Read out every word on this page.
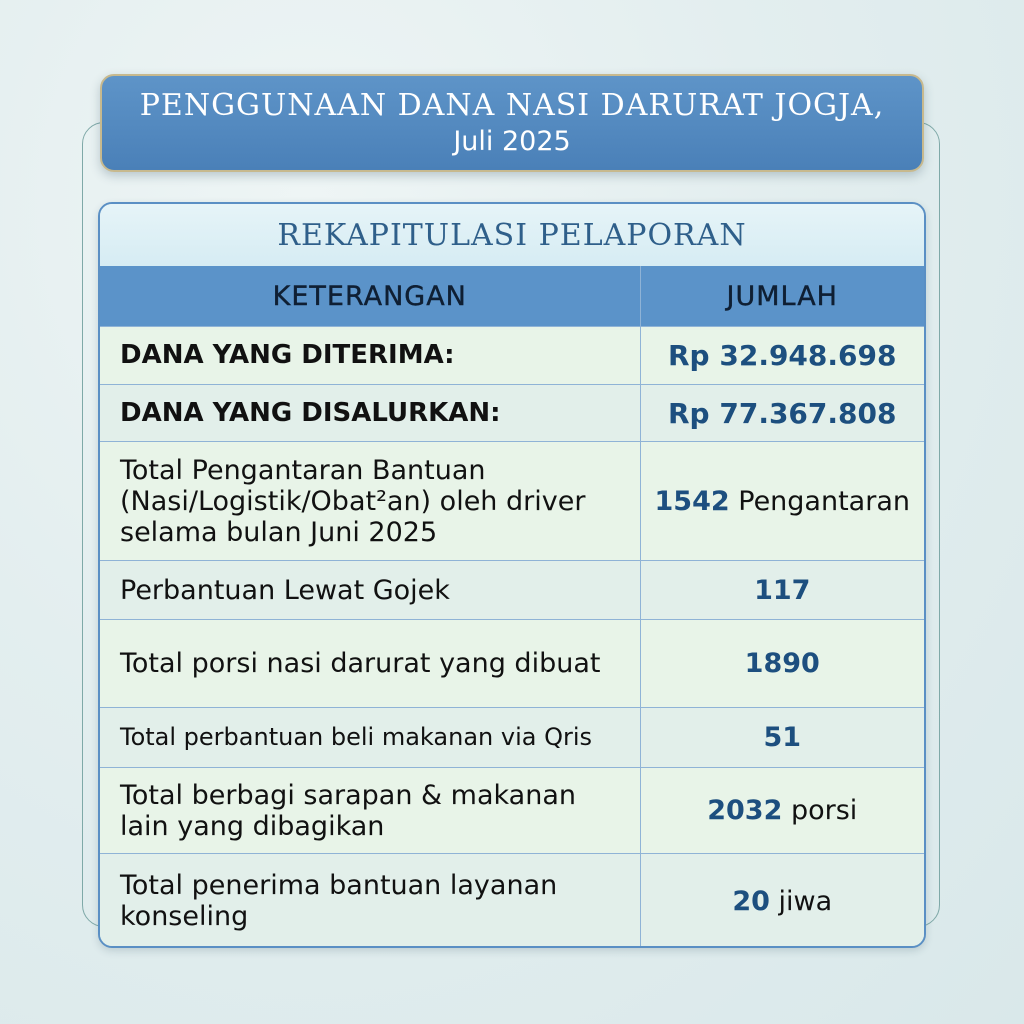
PENGGUNAAN DANA NASI DARURAT JOGJA,
Juli 2025
REKAPITULASI PELAPORAN
KETERANGAN	JUMLAH
DANA YANG DITERIMA:	Rp 32.948.698
DANA YANG DISALURKAN:	Rp 77.367.808
Total Pengantaran Bantuan (Nasi/Logistik/Obat²an) oleh driver selama bulan Juni 2025	1542 Pengantaran
Perbantuan Lewat Gojek	117
Total porsi nasi darurat yang dibuat	1890
Total perbantuan beli makanan via Qris	51
Total berbagi sarapan & makanan lain yang dibagikan	2032 porsi
Total penerima bantuan layanan konseling	20 jiwa
